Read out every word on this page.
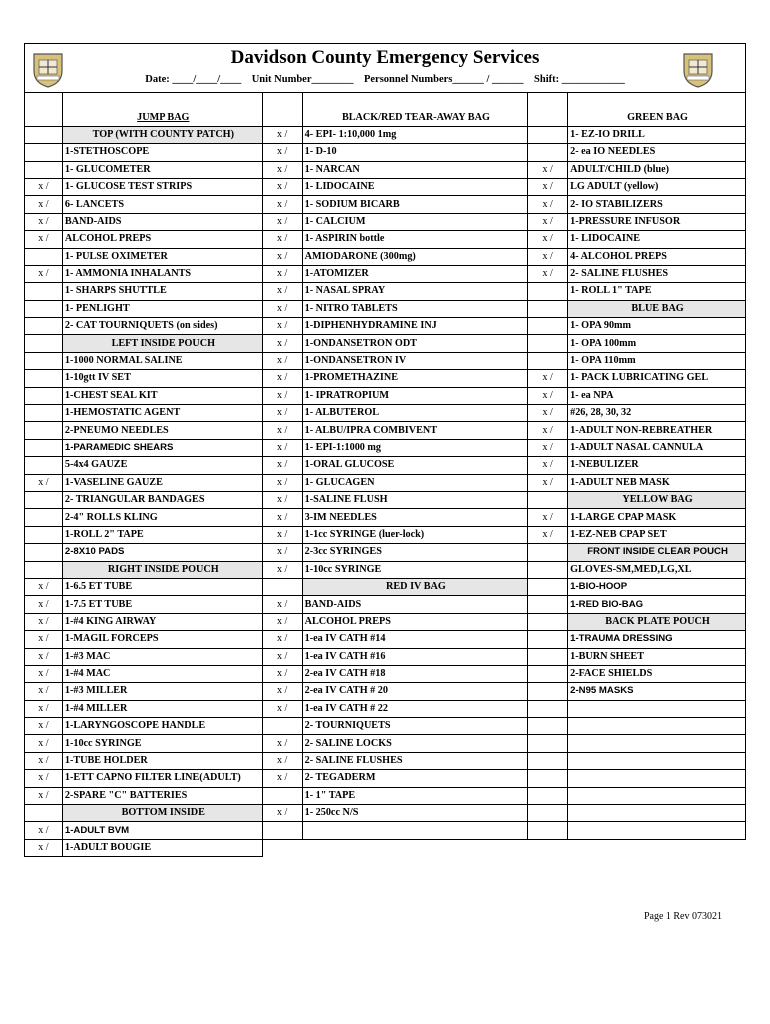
Davidson County Emergency Services
Date: ____/____/____    Unit Number________    Personnel Numbers______ / ______    Shift: ____________

	JUMP BAG		BLACK/RED TEAR-AWAY BAG		GREEN BAG
	TOP (WITH COUNTY PATCH)	x /	4- EPI- 1:10,000 1mg		1- EZ-IO DRILL
	1-STETHOSCOPE	x /	1- D-10		2- ea IO NEEDLES
	1- GLUCOMETER	x /	1- NARCAN	x /	ADULT/CHILD (blue)
x /	1- GLUCOSE TEST STRIPS	x /	1- LIDOCAINE	x /	LG ADULT (yellow)
x /	6- LANCETS	x /	1- SODIUM BICARB	x /	2- IO STABILIZERS
x /	BAND-AIDS	x /	1- CALCIUM	x /	1-PRESSURE INFUSOR
x /	ALCOHOL PREPS	x /	1- ASPIRIN bottle	x /	1- LIDOCAINE
	1- PULSE OXIMETER	x /	AMIODARONE (300mg)	x /	4- ALCOHOL PREPS
x /	1- AMMONIA INHALANTS	x /	1-ATOMIZER	x /	2- SALINE FLUSHES
	1- SHARPS SHUTTLE	x /	1- NASAL SPRAY		1- ROLL 1" TAPE
	1- PENLIGHT	x /	1- NITRO TABLETS		BLUE BAG
	2- CAT TOURNIQUETS (on sides)	x /	1-DIPHENHYDRAMINE INJ		1- OPA 90mm
	LEFT INSIDE POUCH	x /	1-ONDANSETRON ODT		1- OPA 100mm
	1-1000 NORMAL SALINE	x /	1-ONDANSETRON IV		1- OPA 110mm
	1-10gtt IV SET	x /	1-PROMETHAZINE	x /	1- PACK LUBRICATING GEL
	1-CHEST SEAL KIT	x /	1- IPRATROPIUM	x /	1- ea NPA
	1-HEMOSTATIC AGENT	x /	1- ALBUTEROL	x /	#26, 28, 30, 32
	2-PNEUMO NEEDLES	x /	1- ALBU/IPRA COMBIVENT	x /	1-ADULT NON-REBREATHER
	1-PARAMEDIC SHEARS	x /	1- EPI-1:1000 mg	x /	1-ADULT NASAL CANNULA
	5-4x4 GAUZE	x /	1-ORAL GLUCOSE	x /	1-NEBULIZER
x /	1-VASELINE GAUZE	x /	1- GLUCAGEN	x /	1-ADULT NEB MASK
	2- TRIANGULAR BANDAGES	x /	1-SALINE FLUSH		YELLOW BAG
	2-4" ROLLS KLING	x /	3-IM NEEDLES	x /	1-LARGE CPAP MASK
	1-ROLL 2" TAPE	x /	1-1cc SYRINGE (luer-lock)	x /	1-EZ-NEB CPAP SET
	2-8X10 PADS	x /	2-3cc SYRINGES		FRONT INSIDE CLEAR POUCH
	RIGHT INSIDE POUCH	x /	1-10cc SYRINGE		GLOVES-SM,MED,LG,XL
x /	1-6.5 ET TUBE		RED IV BAG		1-BIO-HOOP
x /	1-7.5 ET TUBE	x /	BAND-AIDS		1-RED BIO-BAG
x /	1-#4 KING AIRWAY	x /	ALCOHOL PREPS		BACK PLATE POUCH
x /	1-MAGIL FORCEPS	x /	1-ea IV CATH #14		1-TRAUMA DRESSING
x /	1-#3 MAC	x /	1-ea IV CATH #16		1-BURN SHEET
x /	1-#4 MAC	x /	2-ea IV CATH #18		2-FACE SHIELDS
x /	1-#3 MILLER	x /	2-ea IV CATH # 20		2-N95 MASKS
x /	1-#4 MILLER	x /	1-ea IV CATH # 22		
x /	1-LARYNGOSCOPE HANDLE		2- TOURNIQUETS		
x /	1-10cc SYRINGE	x /	2- SALINE LOCKS		
x /	1-TUBE HOLDER	x /	2- SALINE FLUSHES		
x /	1-ETT CAPNO FILTER LINE(ADULT)	x /	2- TEGADERM		
x /	2-SPARE "C" BATTERIES		1- 1" TAPE		
	BOTTOM INSIDE	x /	1- 250cc N/S		
x /	1-ADULT BVM				
x /	1-ADULT BOUGIE				
Page 1 Rev 073021
